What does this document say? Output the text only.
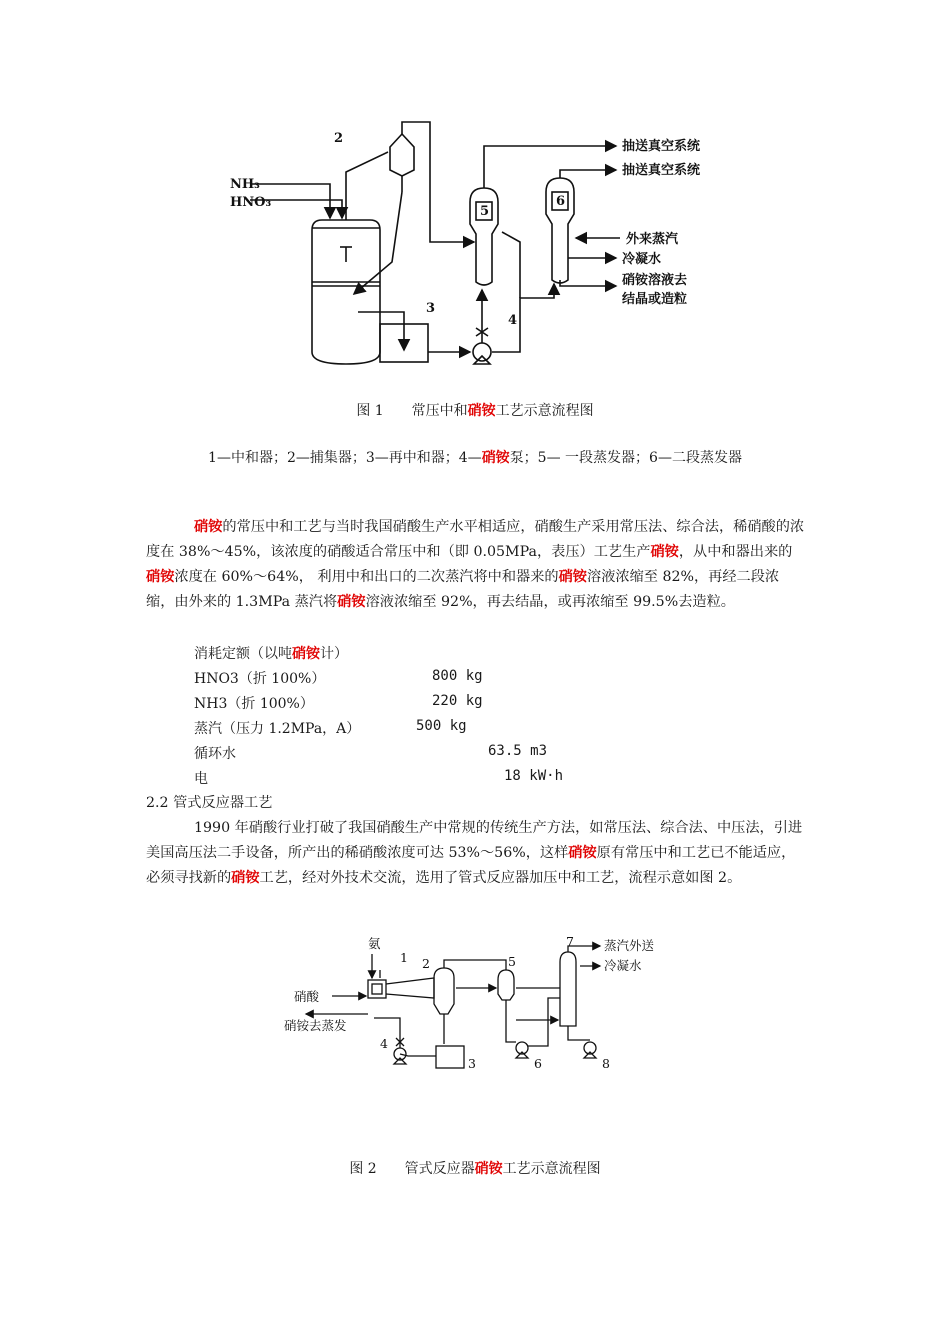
2
NH₃
HNO₃
3
4
5
6
抽送真空系统
抽送真空系统
外来蒸汽
冷凝水
硝铵溶液去
结晶或造粒
图 1 常压中和硝铵工艺示意流程图
1—中和器；2—捕集器；3—再中和器；4—硝铵泵；5— 一段蒸发器；6—二段蒸发器

硝铵的常压中和工艺与当时我国硝酸生产水平相适应，硝酸生产采用常压法、综合法，稀硝酸的浓度在 38%～45%，该浓度的硝酸适合常压中和（即 0.05MPa，表压）工艺生产硝铵，从中和器出来的硝铵浓度在 60%～64%， 利用中和出口的二次蒸汽将中和器来的硝铵溶液浓缩至 82%，再经二段浓缩，由外来的 1.3MPa 蒸汽将硝铵溶液浓缩至 92%，再去结晶，或再浓缩至 99.5%去造粒。

消耗定额（以吨硝铵计）
HNO3（折 100%）	800 kg
NH3（折 100%）	220 kg
蒸汽（压力 1.2MPa，A）	500 kg
循环水	63.5 m3
电	18 kW·h
2.2 管式反应器工艺

1990 年硝酸行业打破了我国硝酸生产中常规的传统生产方法，如常压法、综合法、中压法，引进美国高压法二手设备，所产出的稀硝酸浓度可达 53%～56%，这样硝铵原有常压中和工艺已不能适应，必须寻找新的硝铵工艺，经对外技术交流，选用了管式反应器加压中和工艺，流程示意如图 2。

氨
硝酸
硝铵去蒸发
蒸汽外送
冷凝水
1 2
3
4
5
6
7
8
图 2 管式反应器硝铵工艺示意流程图
